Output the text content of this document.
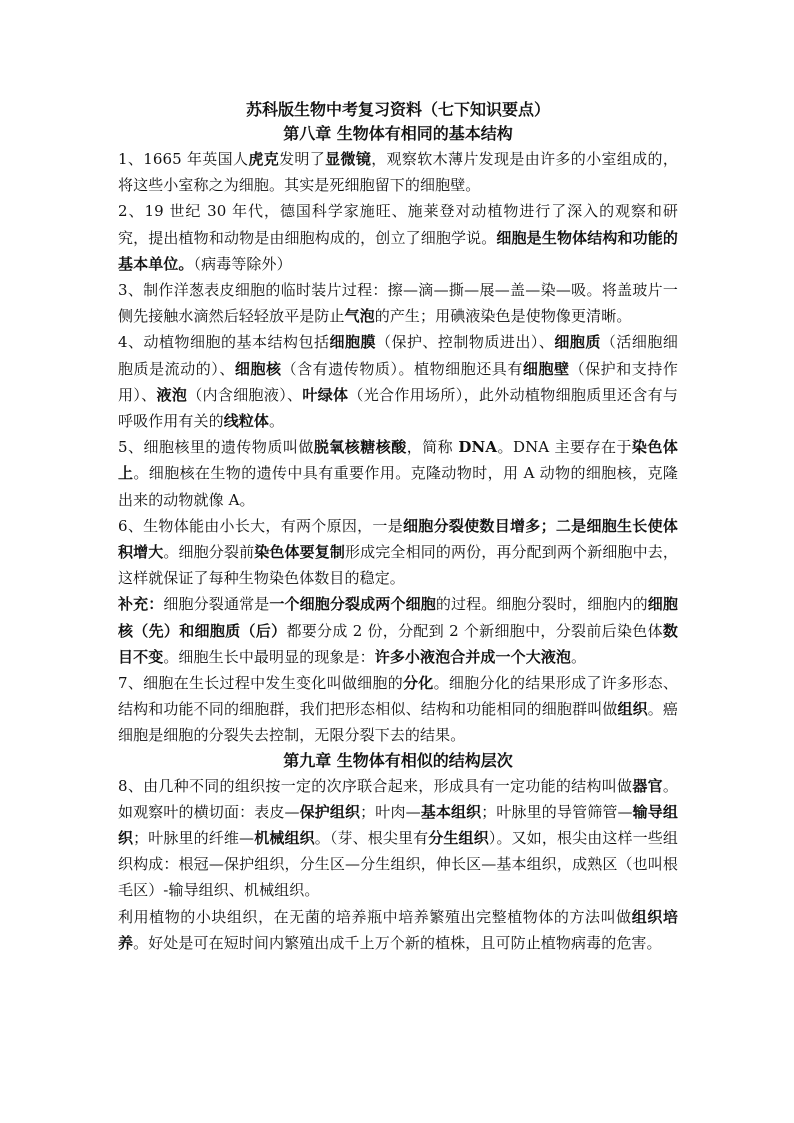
苏科版生物中考复习资料（七下知识要点）
第八章 生物体有相同的基本结构

1、1665 年英国人虎克发明了显微镜，观察软木薄片发现是由许多的小室组成的，将这些小室称之为细胞。其实是死细胞留下的细胞壁。

2、19 世纪 30 年代，德国科学家施旺、施莱登对动植物进行了深入的观察和研究，提出植物和动物是由细胞构成的，创立了细胞学说。细胞是生物体结构和功能的基本单位。（病毒等除外）

3、制作洋葱表皮细胞的临时装片过程：擦—滴—撕—展—盖—染—吸。将盖玻片一侧先接触水滴然后轻轻放平是防止气泡的产生；用碘液染色是使物像更清晰。

4、动植物细胞的基本结构包括细胞膜（保护、控制物质进出）、细胞质（活细胞细胞质是流动的）、细胞核（含有遗传物质）。植物细胞还具有细胞壁（保护和支持作用）、液泡（内含细胞液）、叶绿体（光合作用场所），此外动植物细胞质里还含有与呼吸作用有关的线粒体。

5、细胞核里的遗传物质叫做脱氧核糖核酸，简称 DNA。DNA 主要存在于染色体上。细胞核在生物的遗传中具有重要作用。克隆动物时，用 A 动物的细胞核，克隆出来的动物就像 A。

6、生物体能由小长大，有两个原因，一是细胞分裂使数目增多；二是细胞生长使体积增大。细胞分裂前染色体要复制形成完全相同的两份，再分配到两个新细胞中去，这样就保证了每种生物染色体数目的稳定。

补充：细胞分裂通常是一个细胞分裂成两个细胞的过程。细胞分裂时，细胞内的细胞核（先）和细胞质（后）都要分成 2 份，分配到 2 个新细胞中，分裂前后染色体数目不变。细胞生长中最明显的现象是：许多小液泡合并成一个大液泡。

7、细胞在生长过程中发生变化叫做细胞的分化。细胞分化的结果形成了许多形态、结构和功能不同的细胞群，我们把形态相似、结构和功能相同的细胞群叫做组织。癌细胞是细胞的分裂失去控制，无限分裂下去的结果。

第九章 生物体有相似的结构层次

8、由几种不同的组织按一定的次序联合起来，形成具有一定功能的结构叫做器官。如观察叶的横切面：表皮—保护组织；叶肉—基本组织；叶脉里的导管筛管—输导组织；叶脉里的纤维—机械组织。（芽、根尖里有分生组织）。又如，根尖由这样一些组织构成：根冠—保护组织，分生区—分生组织，伸长区—基本组织，成熟区（也叫根毛区）-输导组织、机械组织。

利用植物的小块组织，在无菌的培养瓶中培养繁殖出完整植物体的方法叫做组织培养。好处是可在短时间内繁殖出成千上万个新的植株，且可防止植物病毒的危害。
